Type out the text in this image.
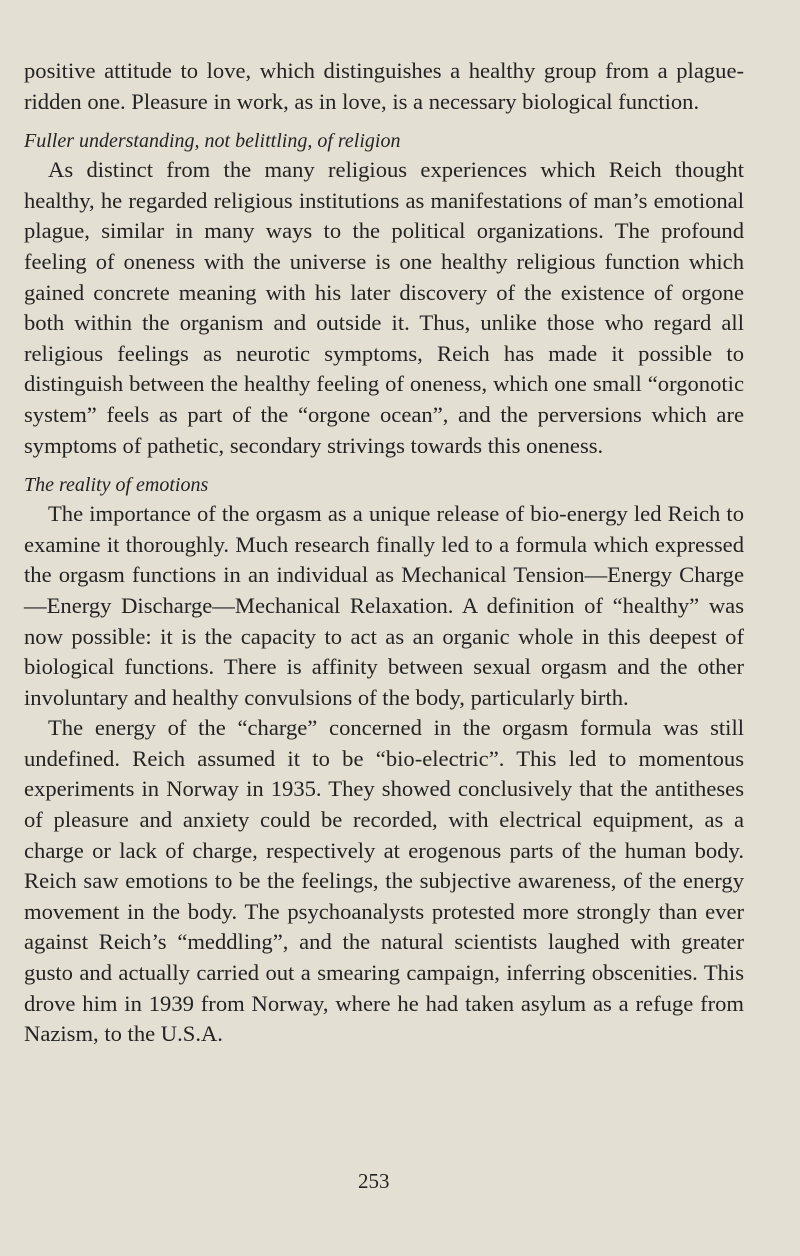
positive attitude to love, which distinguishes a healthy group from a plague-ridden one. Pleasure in work, as in love, is a necessary biological function.

Fuller understanding, not belittling, of religion

As distinct from the many religious experiences which Reich thought healthy, he regarded religious institutions as manifestations of man’s emotional plague, similar in many ways to the political organizations. The profound feeling of oneness with the universe is one healthy religious function which gained concrete meaning with his later discovery of the existence of orgone both within the organism and outside it. Thus, unlike those who regard all religious feelings as neurotic symptoms, Reich has made it possible to distinguish between the healthy feeling of oneness, which one small “orgonotic system” feels as part of the “orgone ocean”, and the perversions which are symptoms of pathetic, secondary strivings towards this oneness.

The reality of emotions

The importance of the orgasm as a unique release of bio-energy led Reich to examine it thoroughly. Much research finally led to a formula which expressed the orgasm functions in an individual as Mechanical Tension—Energy Charge—Energy Discharge—Mechanical Relaxation. A definition of “healthy” was now possible: it is the capacity to act as an organic whole in this deepest of biological functions. There is affinity between sexual orgasm and the other involuntary and healthy convulsions of the body, particularly birth.

The energy of the “charge” concerned in the orgasm formula was still undefined. Reich assumed it to be “bio-electric”. This led to momentous experiments in Norway in 1935. They showed conclusively that the antitheses of pleasure and anxiety could be recorded, with electrical equipment, as a charge or lack of charge, respectively at erogenous parts of the human body. Reich saw emotions to be the feelings, the subjective awareness, of the energy movement in the body. The psychoanalysts protested more strongly than ever against Reich’s “meddling”, and the natural scientists laughed with greater gusto and actually carried out a smearing campaign, inferring obscenities. This drove him in 1939 from Norway, where he had taken asylum as a refuge from Nazism, to the U.S.A.

253
